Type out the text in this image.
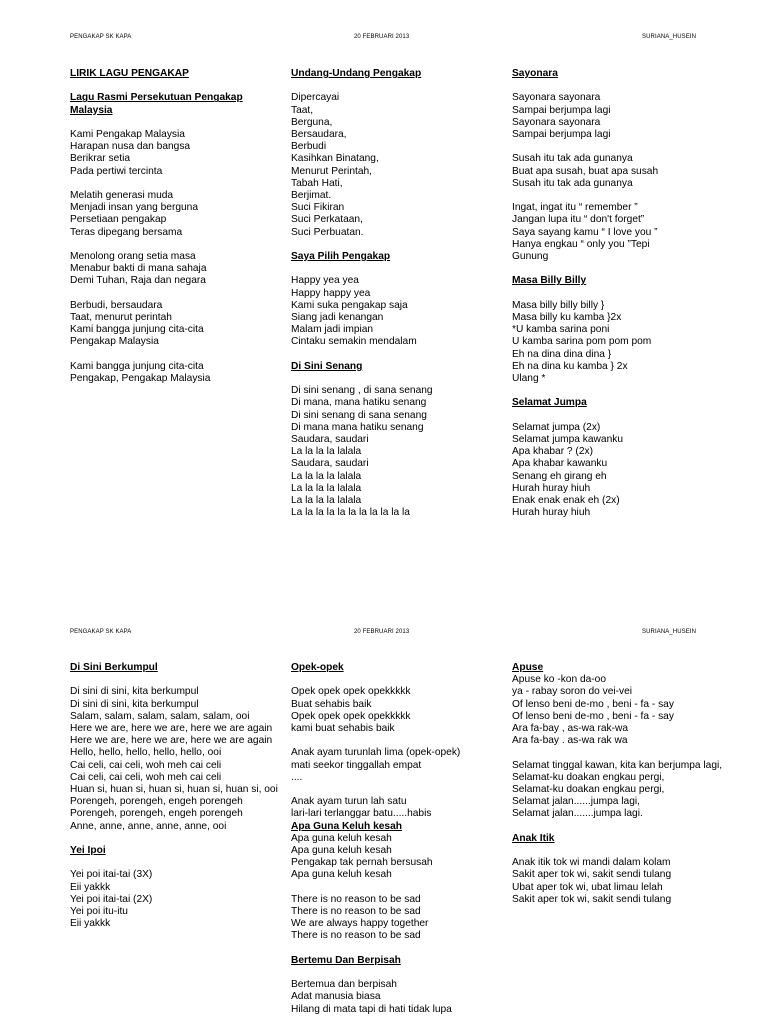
PENGAKAP SK KAPA	20 FEBRUARI 2013	SURIANA_HUSEIN
LIRIK LAGU PENGAKAP
Lagu Rasmi Persekutuan Pengakap Malaysia
Kami Pengakap Malaysia
Harapan nusa dan bangsa
Berikrar setia
Pada pertiwi tercinta
Melatih generasi muda
Menjadi insan yang berguna
Persetiaan pengakap
Teras dipegang bersama
Menolong orang setia masa
Menabur bakti di mana sahaja
Demi Tuhan, Raja dan negara
Berbudi, bersaudara
Taat, menurut perintah
Kami bangga junjung cita-cita
Pengakap Malaysia
Kami bangga junjung cita-cita
Pengakap, Pengakap Malaysia
Undang-Undang Pengakap
Dipercayai
Taat,
Berguna,
Bersaudara,
Berbudi
Kasihkan Binatang,
Menurut Perintah,
Tabah Hati,
Berjimat.
Suci Fikiran
Suci Perkataan,
Suci Perbuatan.
Saya Pilih Pengakap
Happy yea yea
Happy happy yea
Kami suka pengakap saja
Siang jadi kenangan
Malam jadi impian
Cintaku semakin mendalam
Di Sini Senang
Di sini senang , di sana senang
Di mana, mana hatiku senang
Di sini senang di sana senang
Di mana mana hatiku senang
Saudara, saudari
La la la la lalala
Saudara, saudari
La la la la lalala
La la la la lalala
La la la la lalala
La la la la la la la la la la la
Sayonara
Sayonara sayonara
Sampai berjumpa lagi
Sayonara sayonara
Sampai berjumpa lagi
Susah itu tak ada gunanya
Buat apa susah, buat apa susah
Susah itu tak ada gunanya
Ingat, ingat itu “ remember ”
Jangan lupa itu “ don't forget”
Saya sayang kamu “ I love you ”
Hanya engkau “ only you ”Tepi
Gunung
Masa Billy Billy
Masa billy billy billy }
Masa billy ku kamba }2x
*U kamba sarina poni
U kamba sarina pom pom pom
Eh na dina dina dina }
Eh na dina ku kamba } 2x
Ulang *
Selamat Jumpa
Selamat jumpa (2x)
Selamat jumpa kawanku
Apa khabar ? (2x)
Apa khabar kawanku
Senang eh girang eh
Hurah huray hiuh
Enak enak enak eh (2x)
Hurah huray hiuh
PENGAKAP SK KAPA	20 FEBRUARI 2013	SURIANA_HUSEIN
Di Sini Berkumpul
Di sini di sini, kita berkumpul
Di sini di sini, kita berkumpul
Salam, salam, salam, salam, salam, ooi
Here we are, here we are, here we are again
Here we are, here we are, here we are again
Hello, hello, hello, hello, hello, ooi
Cai celi, cai celi, woh meh cai celi
Cai celi, cai celi, woh meh cai celi
Huan si, huan si, huan si, huan si, huan si, ooi
Porengeh, porengeh, engeh porengeh
Porengeh, porengeh, engeh porengeh
Anne, anne, anne, anne, anne, ooi
Yei Ipoi
Yei poi itai-tai (3X)
Eii yakkk
Yei poi itai-tai (2X)
Yei poi itu-itu
Eii yakkk
Opek-opek
Opek opek opek opekkkkk
Buat sehabis baik
Opek opek opek opekkkkk
kami buat sehabis baik
Anak ayam turunlah lima (opek-opek)
mati seekor tinggallah empat
....
Anak ayam turun lah satu
lari-lari terlanggar batu.....habis
Apa Guna Keluh kesah
Apa guna keluh kesah
Apa guna keluh kesah
Pengakap tak pernah bersusah
Apa guna keluh kesah
There is no reason to be sad
There is no reason to be sad
We are always happy together
There is no reason to be sad
Bertemu Dan Berpisah
Bertemua dan berpisah
Adat manusia biasa
Hilang di mata tapi di hati tidak lupa
Apuse
Apuse ko -kon da-oo
ya - rabay soron do vei-vei
Of lenso beni de-mo , beni - fa - say
Of lenso beni de-mo , beni - fa - say
Ara fa-bay , as-wa rak-wa
Ara fa-bay . as-wa rak wa
Selamat tinggal kawan, kita kan berjumpa lagi,
Selamat-ku doakan engkau pergi,
Selamat-ku doakan engkau pergi,
Selamat jalan......jumpa lagi,
Selamat jalan.......jumpa lagi.
Anak Itik
Anak itik tok wi mandi dalam kolam
Sakit aper tok wi, sakit sendi tulang
Ubat aper tok wi, ubat limau lelah
Sakit aper tok wi, sakit sendi tulang
